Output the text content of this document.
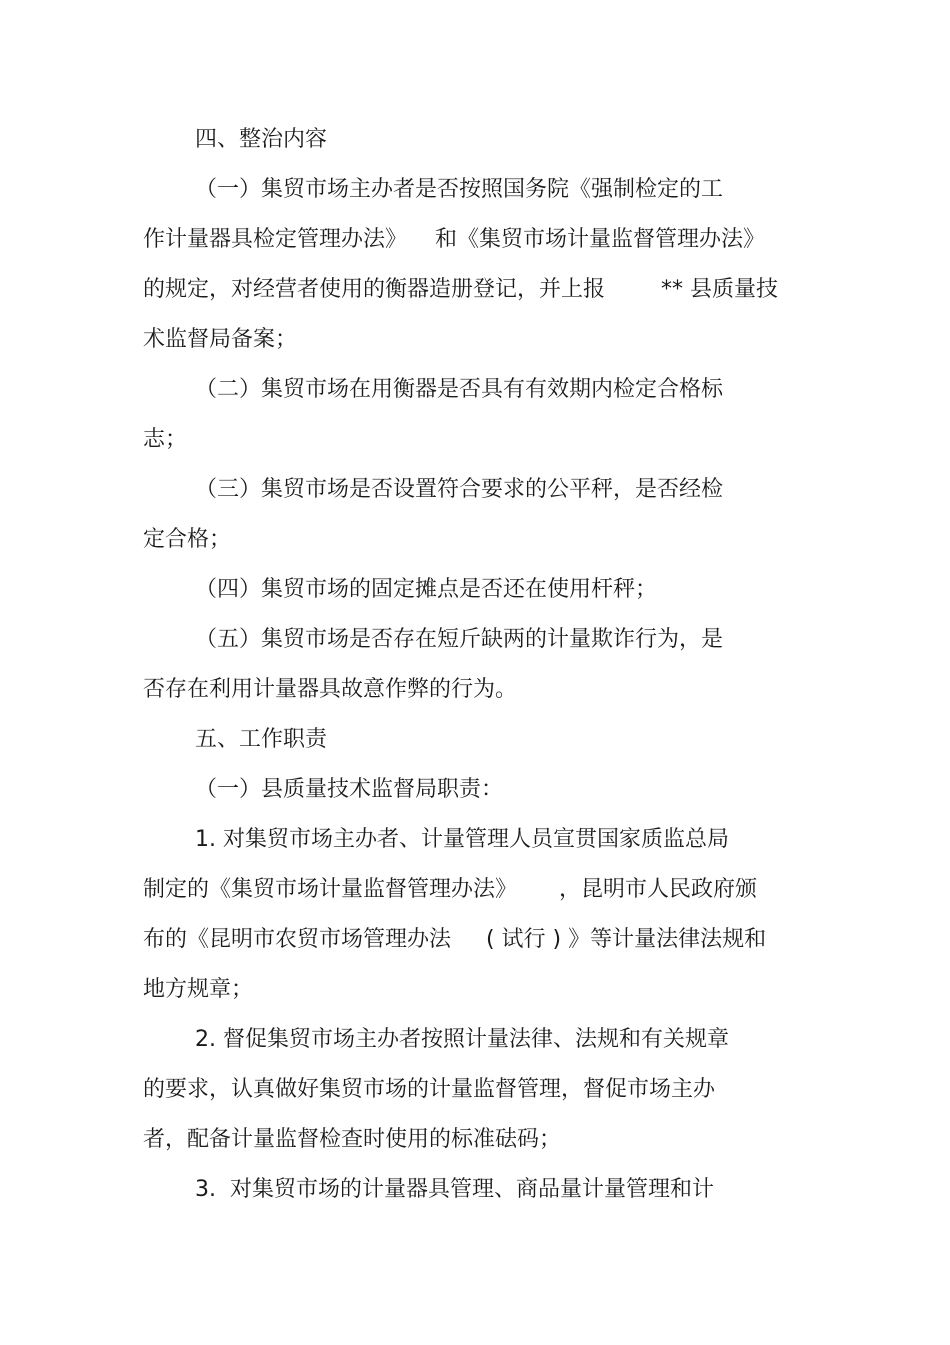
四、整治内容
（一）集贸市场主办者是否按照国务院《强制检定的工
作计量器具检定管理办法》    和《集贸市场计量监督管理办法》
的规定，对经营者使用的衡器造册登记，并上报        ** 县质量技
术监督局备案；
（二）集贸市场在用衡器是否具有有效期内检定合格标
志；
（三）集贸市场是否设置符合要求的公平秤，是否经检
定合格；
（四）集贸市场的固定摊点是否还在使用杆秤；
（五）集贸市场是否存在短斤缺两的计量欺诈行为，是
否存在利用计量器具故意作弊的行为。
五、工作职责
（一）县质量技术监督局职责：
1. 对集贸市场主办者、计量管理人员宣贯国家质监总局
制定的《集贸市场计量监督管理办法》      ，昆明市人民政府颁
布的《昆明市农贸市场管理办法     ( 试行 ) 》等计量法律法规和
地方规章；
2. 督促集贸市场主办者按照计量法律、法规和有关规章
的要求，认真做好集贸市场的计量监督管理，督促市场主办
者，配备计量监督检查时使用的标准砝码；
3.  对集贸市场的计量器具管理、商品量计量管理和计
